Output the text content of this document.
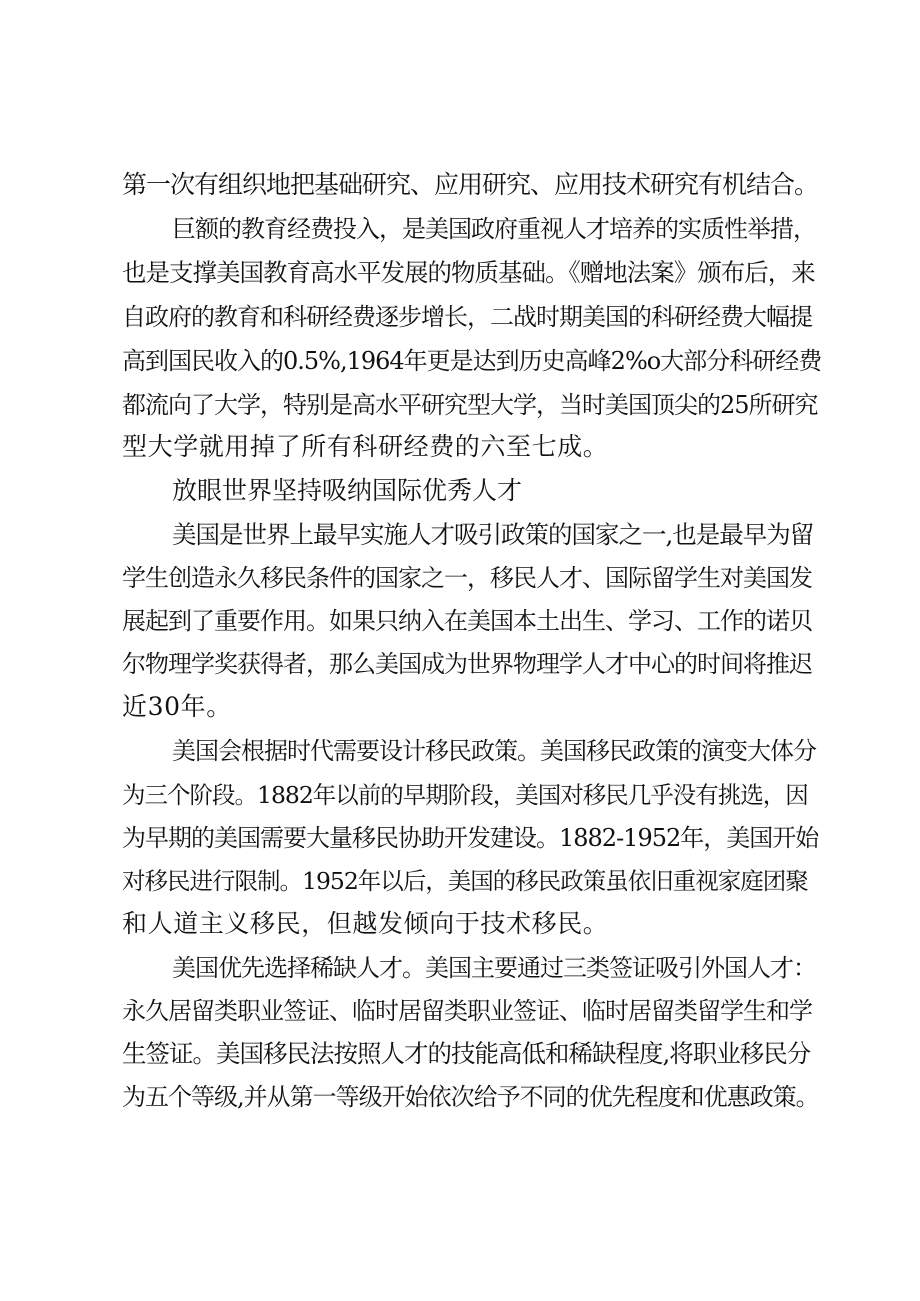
第一次有组织地把基础研究、应用研究、应用技术研究有机结合。
巨额的教育经费投入，是美国政府重视人才培养的实质性举措，
也是支撑美国教育高水平发展的物质基础。《赠地法案》颁布后，来
自政府的教育和科研经费逐步增长，二战时期美国的科研经费大幅提
高到国民收入的0.5%,1964年更是达到历史高峰2%o大部分科研经费
都流向了大学，特别是高水平研究型大学，当时美国顶尖的25所研究
型大学就用掉了所有科研经费的六至七成。
放眼世界坚持吸纳国际优秀人才
美国是世界上最早实施人才吸引政策的国家之一,也是最早为留
学生创造永久移民条件的国家之一，移民人才、国际留学生对美国发
展起到了重要作用。如果只纳入在美国本土出生、学习、工作的诺贝
尔物理学奖获得者，那么美国成为世界物理学人才中心的时间将推迟
近30年。
美国会根据时代需要设计移民政策。美国移民政策的演变大体分
为三个阶段。1882年以前的早期阶段，美国对移民几乎没有挑选，因
为早期的美国需要大量移民协助开发建设。1882-1952年，美国开始
对移民进行限制。1952年以后，美国的移民政策虽依旧重视家庭团聚
和人道主义移民，但越发倾向于技术移民。
美国优先选择稀缺人才。美国主要通过三类签证吸引外国人才：
永久居留类职业签证、临时居留类职业签证、临时居留类留学生和学
生签证。美国移民法按照人才的技能高低和稀缺程度,将职业移民分
为五个等级,并从第一等级开始依次给予不同的优先程度和优惠政策。
